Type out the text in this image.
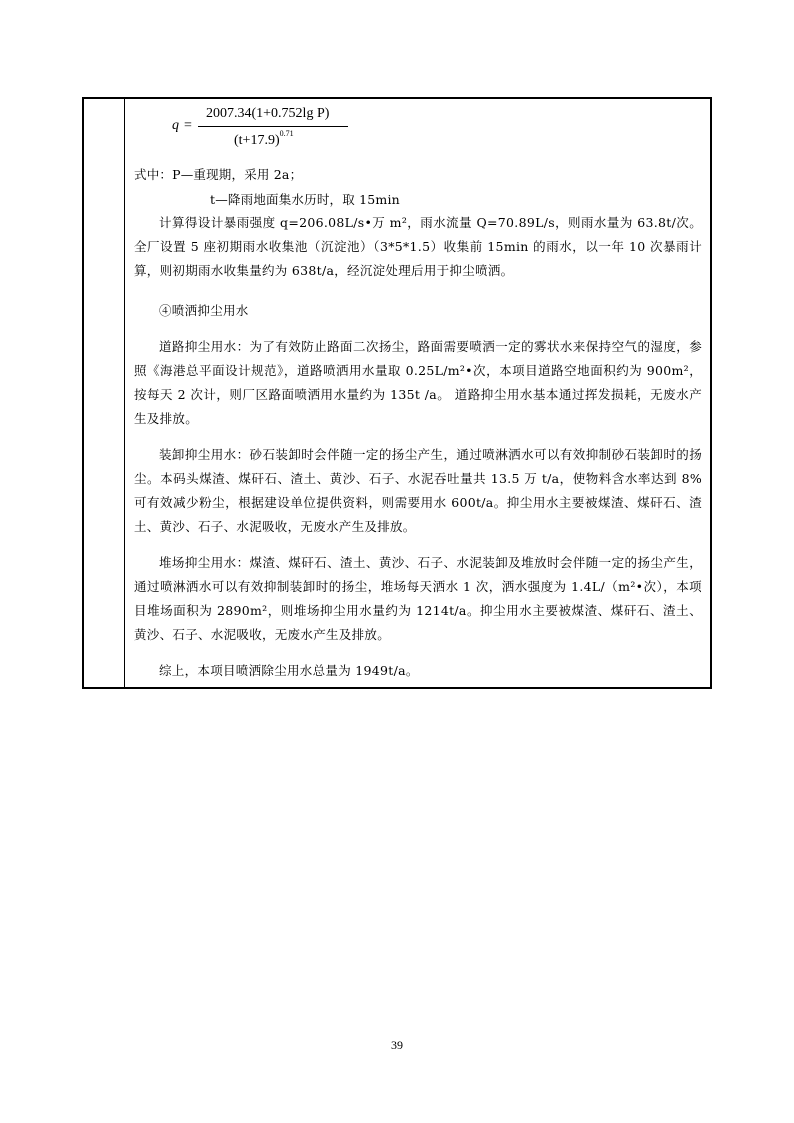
q =
2007.34(1+0.752lg P)
$(t+17.9)^{0.71}$
式中：P—重现期，采用 2a；
t—降雨地面集水历时，取 15min
计算得设计暴雨强度 q=206.08L/s•万 m²，雨水流量 Q=70.89L/s，则雨水量为 63.8t/次。全厂设置 5 座初期雨水收集池（沉淀池）（3*5*1.5）收集前 15min 的雨水，以一年 10 次暴雨计算，则初期雨水收集量约为 638t/a，经沉淀处理后用于抑尘喷洒。
④喷洒抑尘用水
道路抑尘用水：为了有效防止路面二次扬尘，路面需要喷洒一定的雾状水来保持空气的湿度，参照《海港总平面设计规范》，道路喷洒用水量取 0.25L/m²•次，本项目道路空地面积约为 900m²，按每天 2 次计，则厂区路面喷洒用水量约为 135t /a。 道路抑尘用水基本通过挥发损耗，无废水产生及排放。
装卸抑尘用水：砂石装卸时会伴随一定的扬尘产生，通过喷淋洒水可以有效抑制砂石装卸时的扬尘。本码头煤渣、煤矸石、渣土、黄沙、石子、水泥吞吐量共 13.5 万 t/a，使物料含水率达到 8%可有效减少粉尘，根据建设单位提供资料，则需要用水 600t/a。抑尘用水主要被煤渣、煤矸石、渣土、黄沙、石子、水泥吸收，无废水产生及排放。
堆场抑尘用水：煤渣、煤矸石、渣土、黄沙、石子、水泥装卸及堆放时会伴随一定的扬尘产生，通过喷淋洒水可以有效抑制装卸时的扬尘，堆场每天洒水 1 次，洒水强度为 1.4L/（m²•次），本项目堆场面积为 2890m²，则堆场抑尘用水量约为 1214t/a。抑尘用水主要被煤渣、煤矸石、渣土、黄沙、石子、水泥吸收，无废水产生及排放。
综上，本项目喷洒除尘用水总量为 1949t/a。
39
